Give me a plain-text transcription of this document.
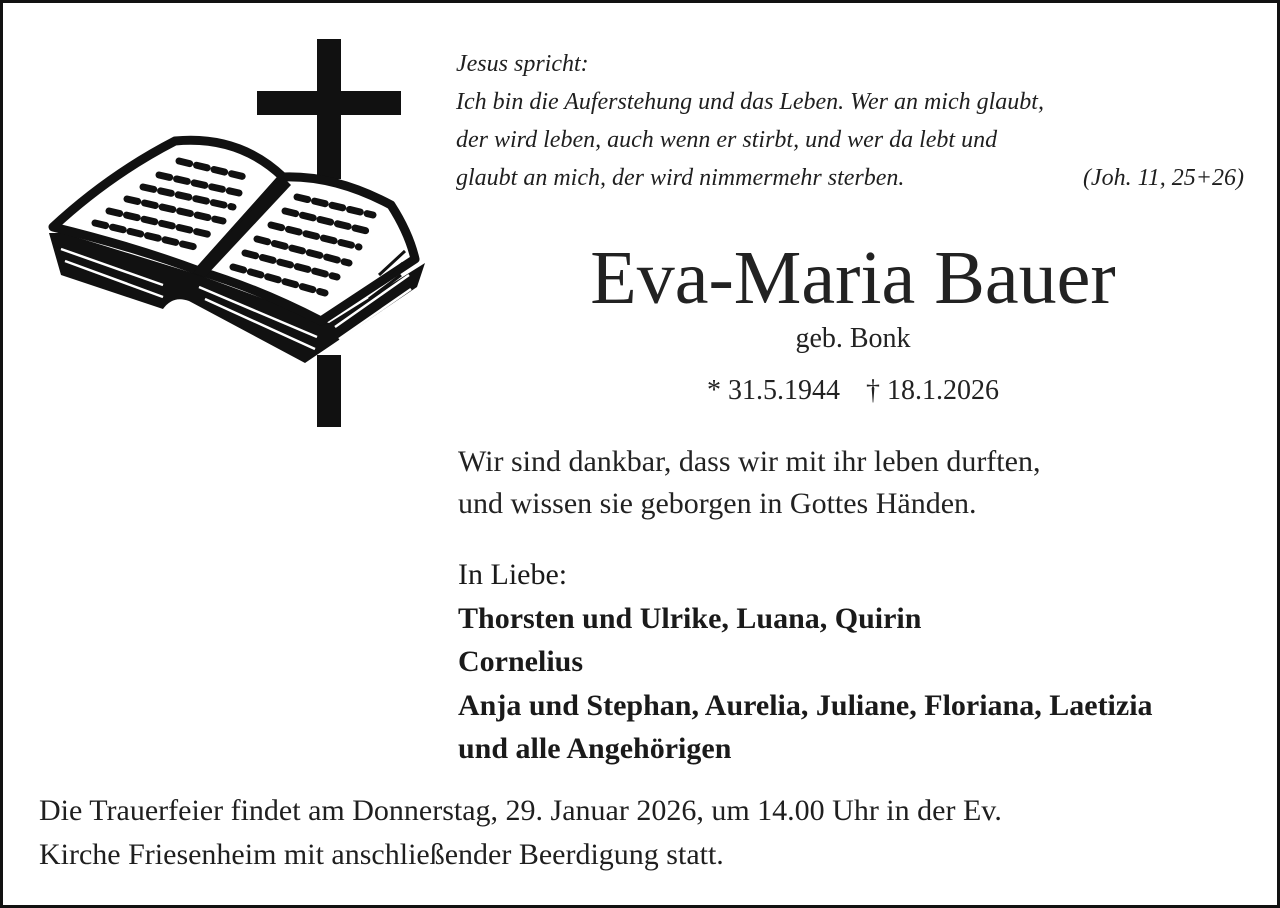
Jesus spricht:
Ich bin die Auferstehung und das Leben. Wer an mich glaubt,
der wird leben, auch wenn er stirbt, und wer da lebt und
glaubt an mich, der wird nimmermehr sterben.	(Joh. 11, 25+26)
Eva-Maria Bauer
geb. Bonk
* 31.5.1944 † 18.1.2026
Wir sind dankbar, dass wir mit ihr leben durften,
und wissen sie geborgen in Gottes Händen.
In Liebe:
Thorsten und Ulrike, Luana, Quirin
Cornelius
Anja und Stephan, Aurelia, Juliane, Floriana, Laetizia
und alle Angehörigen
Die Trauerfeier findet am Donnerstag, 29. Januar 2026, um 14.00 Uhr in der Ev.
Kirche Friesenheim mit anschließender Beerdigung statt.
